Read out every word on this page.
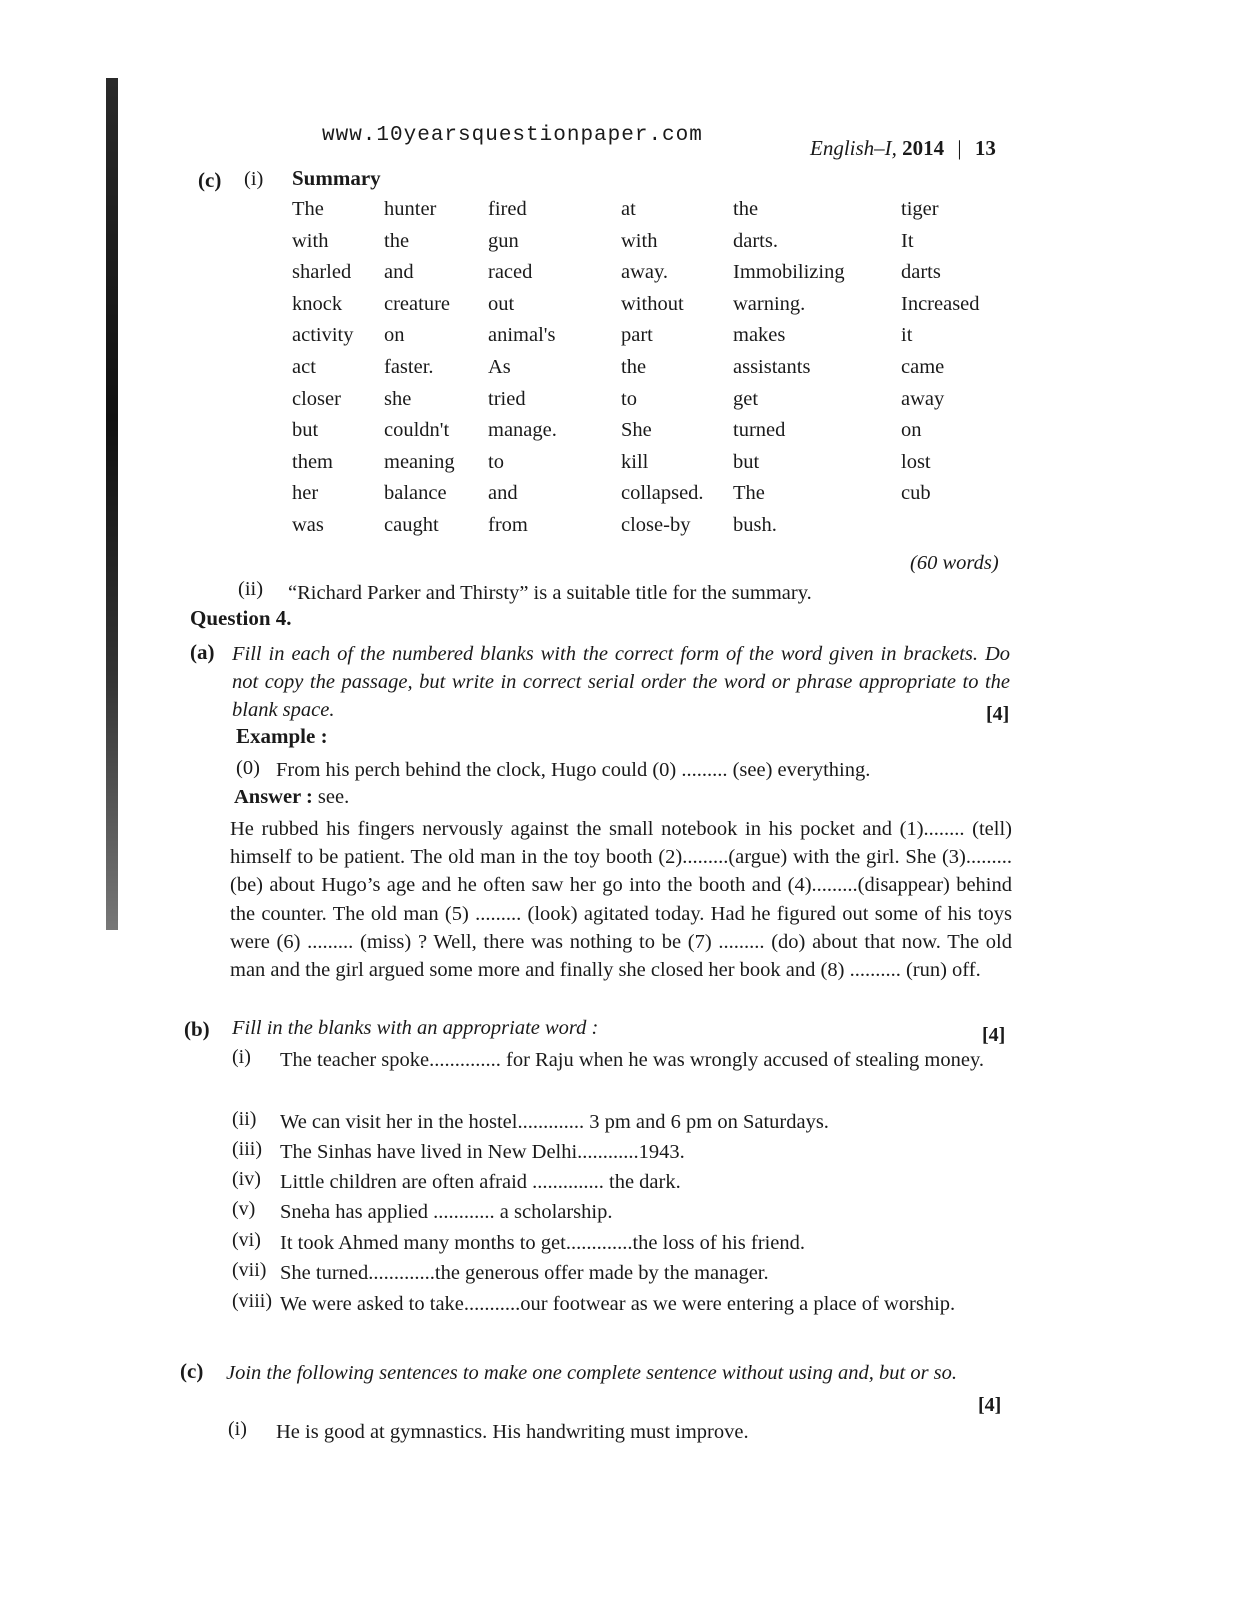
www.10yearsquestionpaper.com
English–I, 2014 | 13
(c) (i) Summary
The	hunter	fired	at	the	tiger
with	the	gun	with	darts.	It
sharled	and	raced	away.	Immobilizing	darts
knock	creature	out	without	warning.	Increased
activity	on	animal's	part	makes	it
act	faster.	As	the	assistants	came
closer	she	tried	to	get	away
but	couldn't	manage.	She	turned	on
them	meaning	to	kill	but	lost
her	balance	and	collapsed.	The	cub
was	caught	from	close-by	bush.
(60 words)
(ii) “Richard Parker and Thirsty” is a suitable title for the summary.
Question 4.
(a) Fill in each of the numbered blanks with the correct form of the word given in brackets. Do not copy the passage, but write in correct serial order the word or phrase appropriate to the blank space.	[4]
Example :
(0) From his perch behind the clock, Hugo could (0) ......... (see) everything.
Answer : see.
He rubbed his fingers nervously against the small notebook in his pocket and (1)........ (tell) himself to be patient. The old man in the toy booth (2).........(argue) with the girl. She (3).........(be) about Hugo’s age and he often saw her go into the booth and (4).........(disappear) behind the counter. The old man (5) ......... (look) agitated today. Had he figured out some of his toys were (6) ......... (miss) ? Well, there was nothing to be (7) ......... (do) about that now. The old man and the girl argued some more and finally she closed her book and (8) .......... (run) off.
(b) Fill in the blanks with an appropriate word :	[4]
(i) The teacher spoke.............. for Raju when he was wrongly accused of stealing money.
(ii) We can visit her in the hostel............. 3 pm and 6 pm on Saturdays.
(iii) The Sinhas have lived in New Delhi............1943.
(iv) Little children are often afraid .............. the dark.
(v) Sneha has applied ............ a scholarship.
(vi) It took Ahmed many months to get.............the loss of his friend.
(vii) She turned.............the generous offer made by the manager.
(viii) We were asked to take...........our footwear as we were entering a place of worship.
(c) Join the following sentences to make one complete sentence without using and, but or so.
[4]
(i) He is good at gymnastics. His handwriting must improve.
